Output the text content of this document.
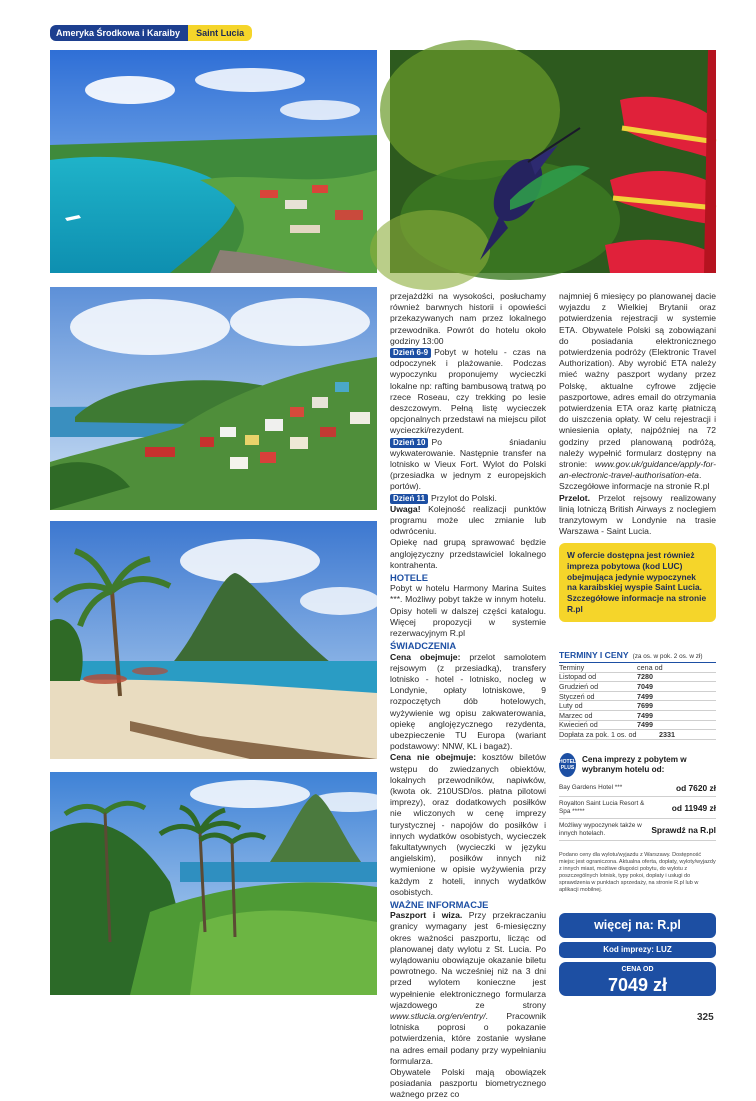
Ameryka Środkowa i Karaiby	Saint Lucia

przejażdżki na wysokości, posłuchamy również barwnych historii i opowieści przekazywanych nam przez lokalnego przewodnika. Powrót do hotelu około godziny 13:00

Dzień 6-9 Pobyt w hotelu - czas na odpoczynek i plażowanie. Podczas wypoczynku proponujemy wycieczki lokalne np: rafting bambusową tratwą po rzece Roseau, czy trekking po lesie deszczowym. Pełną listę wycieczek opcjonalnych przedstawi na miejscu pilot wycieczki/rezydent.

Dzień 10 Po śniadaniu wykwaterowanie. Następnie transfer na lotnisko w Vieux Fort. Wylot do Polski (przesiadka w jednym z europejskich portów).

Dzień 11 Przylot do Polski.

Uwaga! Kolejność realizacji punktów programu może ulec zmianie lub odwróceniu.

Opiekę nad grupą sprawować będzie anglojęzyczny przedstawiciel lokalnego kontrahenta.

HOTELE

Pobyt w hotelu Harmony Marina Suites ***. Możliwy pobyt także w innym hotelu. Opisy hoteli w dalszej części katalogu. Więcej propozycji w systemie rezerwacyjnym R.pl

ŚWIADCZENIA

Cena obejmuje: przelot samolotem rejsowym (z przesiadką), transfery lotnisko - hotel - lotnisko, nocleg w Londynie, opłaty lotniskowe, 9 rozpoczętych dób hotelowych, wyżywienie wg opisu zakwaterowania, opiekę anglojęzycznego rezydenta, ubezpieczenie TU Europa (wariant podstawowy: NNW, KL i bagaż).

Cena nie obejmuje: kosztów biletów wstępu do zwiedzanych obiektów, lokalnych przewodników, napiwków, (kwota ok. 210USD/os. płatna pilotowi imprezy), oraz dodatkowych posiłków nie wliczonych w cenę imprezy turystycznej - napojów do posiłków i innych wydatków osobistych, wycieczek fakultatywnych (wycieczki w języku angielskim), posiłków innych niż wymienione w opisie wyżywienia przy każdym z hoteli, innych wydatków osobistych.

WAŻNE INFORMACJE

Paszport i wiza. Przy przekraczaniu granicy wymagany jest 6-miesięczny okres ważności paszportu, licząc od planowanej daty wylotu z St. Lucia. Po wylądowaniu obowiązuje okazanie biletu powrotnego. Na wcześniej niż na 3 dni przed wylotem konieczne jest wypełnienie elektronicznego formularza wjazdowego ze strony www.stlucia.org/en/entry/. Pracownik lotniska poprosi o pokazanie potwierdzenia, które zostanie wysłane na adres email podany przy wypełnianiu formularza.

Obywatele Polski mają obowiązek posiadania paszportu biometrycznego ważnego przez co

najmniej 6 miesięcy po planowanej dacie wyjazdu z Wielkiej Brytanii oraz potwierdzenia rejestracji w systemie ETA. Obywatele Polski są zobowiązani do posiadania elektronicznego potwierdzenia podróży (Elektronic Travel Authorization). Aby wyrobić ETA należy mieć ważny paszport wydany przez Polskę, aktualne cyfrowe zdjęcie paszportowe, adres email do otrzymania potwierdzenia ETA oraz kartę płatniczą do uiszczenia opłaty. W celu rejestracji i wniesienia opłaty, najpóźniej na 72 godziny przed planowaną podróżą, należy wypełnić formularz dostępny na stronie: www.gov.uk/guidance/apply-for-an-electronic-travel-authorisation-eta. Szczegółowe informacje na stronie R.pl

Przelot. Przelot rejsowy realizowany linią lotniczą British Airways z noclegiem tranzytowym w Londynie na trasie Warszawa - Saint Lucia.

W ofercie dostępna jest również impreza pobytowa (kod LUC) obejmująca jedynie wypoczynek na karaibskiej wyspie Saint Lucia. Szczegółowe informacje na stronie R.pl
TERMINY I CENY (za os. w pok. 2 os. w zł)
Terminy	cena od
Listopad od	7280
Grudzień od	7049
Styczeń od	7499
Luty od	7699
Marzec od	7499
Kwiecień od	7499
Dopłata za pok. 1 os. od	2331
HOTEL PLUS
Cena imprezy z pobytem w wybranym hotelu od:
Bay Gardens Hotel ***	od 7620 zł
Royalton Saint Lucia Resort & Spa *****	od 11949 zł
Możliwy wypoczynek także w innych hotelach.	Sprawdź na R.pl
Podano ceny dla wylotu/wyjazdu z Warszawy. Dostępność miejsc jest ograniczona. Aktualna oferta, dopłaty, wyloty/wyjazdy z innych miast, możliwe długości pobytu, do wylotu z poszczególnych lotnisk, typy pokoi, dopłaty i usługi do sprawdzenia w punktach sprzedaży, na stronie R.pl lub w aplikacji mobilnej.
więcej na: R.pl
Kod imprezy: LUZ
CENA OD
7049 zł
325
